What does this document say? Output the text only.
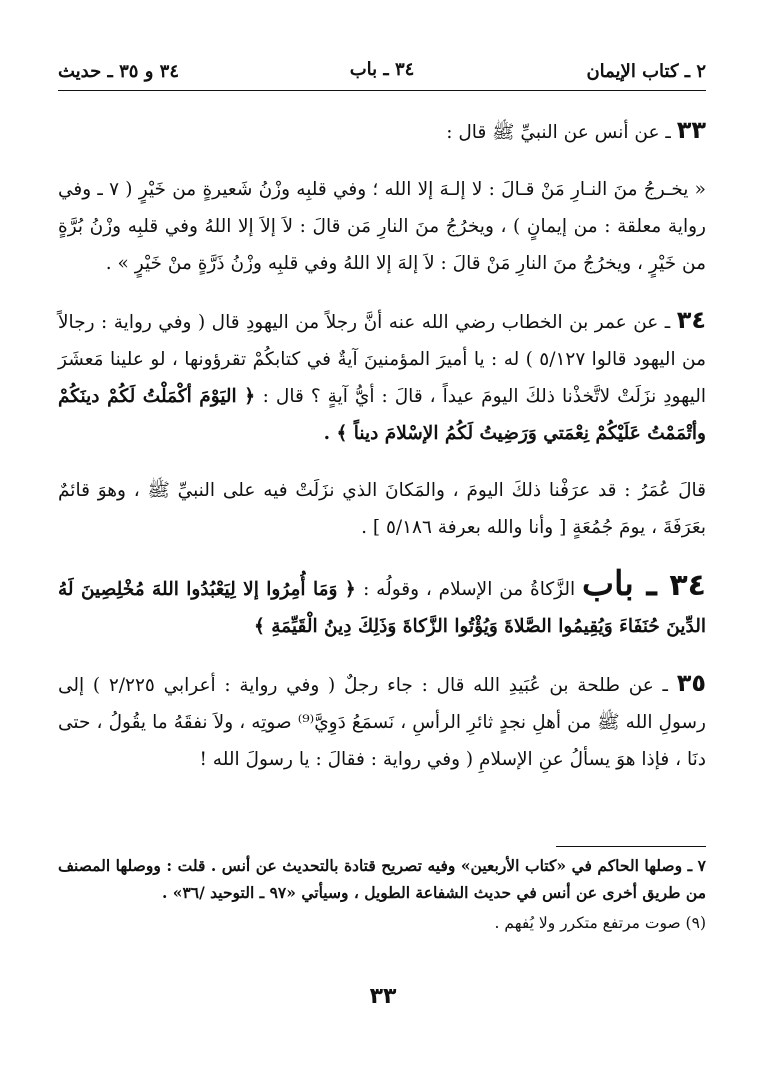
٢ ـ كتاب الإيمان
٣٤ ـ باب
٣٤ و ٣٥ ـ حديث

٣٣ ـ عن أنس عن النبيِّ ﷺ قال :

« يخـرجُ منَ النـارِ مَنْ قـالَ : لا إلـهَ إلا الله ؛ وفي قلبِه وزْنُ شَعيرةٍ من خَيْرٍ ( ٧ ـ وفي رواية معلقة : من إيمانٍ ) ، ويخرُجُ منَ النارِ مَن قالَ : لاَ إلاَ إلا اللهُ وفي قلبِه وزْنُ بُرَّةٍ من خَيْرٍ ، ويخرُجُ منَ النارِ مَنْ قالَ : لاَ إلهَ إلا اللهُ وفي قلبِه وزْنُ ذَرَّةٍ منْ خَيْرٍ » .

٣٤ ـ عن عمر بن الخطاب رضي الله عنه أنَّ رجلاً من اليهودِ قال ( وفي رواية : رجالاً من اليهود قالوا ٥/١٢٧ ) له : يا أميرَ المؤمنينَ آيةٌ في كتابكُمْ تقرؤونها ، لو علينا مَعشَرَ اليهودِ نزَلَتْ لاتَّخذْنا ذلكَ اليومَ عيداً ، قالَ : أيُّ آيةٍ ؟ قال : ﴿ اليَوْمَ أكْمَلْتُ لَكُمْ دينَكُمْ وأتْمَمْتُ عَلَيْكُمْ نِعْمَتي وَرَضِيتُ لَكُمُ الإسْلامَ ديناً ﴾ .

قالَ عُمَرُ : قد عرَفْنا ذلكَ اليومَ ، والمَكانَ الذي نزَلَتْ فيه على النبيِّ ﷺ ، وهوَ قائمٌ بعَرَفَةَ ، يومَ جُمُعَةٍ [ وأنا والله بعرفة ٥/١٨٦ ] .

٣٤ ـ باب الزَّكاةُ من الإسلام ، وقولُه : ﴿ وَمَا أُمِرُوا إلا لِيَعْبُدُوا اللهَ مُخْلِصِينَ لَهُ الدِّينَ حُنَفَاءَ وَيُقِيمُوا الصَّلاةَ وَيُؤْتُوا الزَّكاةَ وَذَلِكَ دِينُ الْقَيِّمَةِ ﴾

٣٥ ـ عن طلحة بن عُبَيدِ الله قال : جاء رجلٌ ( وفي رواية : أعرابي ٢/٢٢٥ ) إلى رسولِ الله ﷺ من أهلِ نجدٍ ثائرِ الرأسِ ، نَسمَعُ دَوِيَّ⁽⁹⁾ صوتِه ، ولاَ نفقَهُ ما يقُولُ ، حتى دنَا ، فإذا هوَ يسألُ عنِ الإسلامِ ( وفي رواية : فقالَ : يا رسولَ الله !

٧ ـ وصلها الحاكم في «كتاب الأربعين» وفيه تصريح قتادة بالتحديث عن أنس . قلت : ووصلها المصنف من طريق أخرى عن أنس في حديث الشفاعة الطويل ، وسيأتي «٩٧ ـ التوحيد /٣٦» .

(٩) صوت مرتفع متكرر ولا يُفهم .

٣٣
